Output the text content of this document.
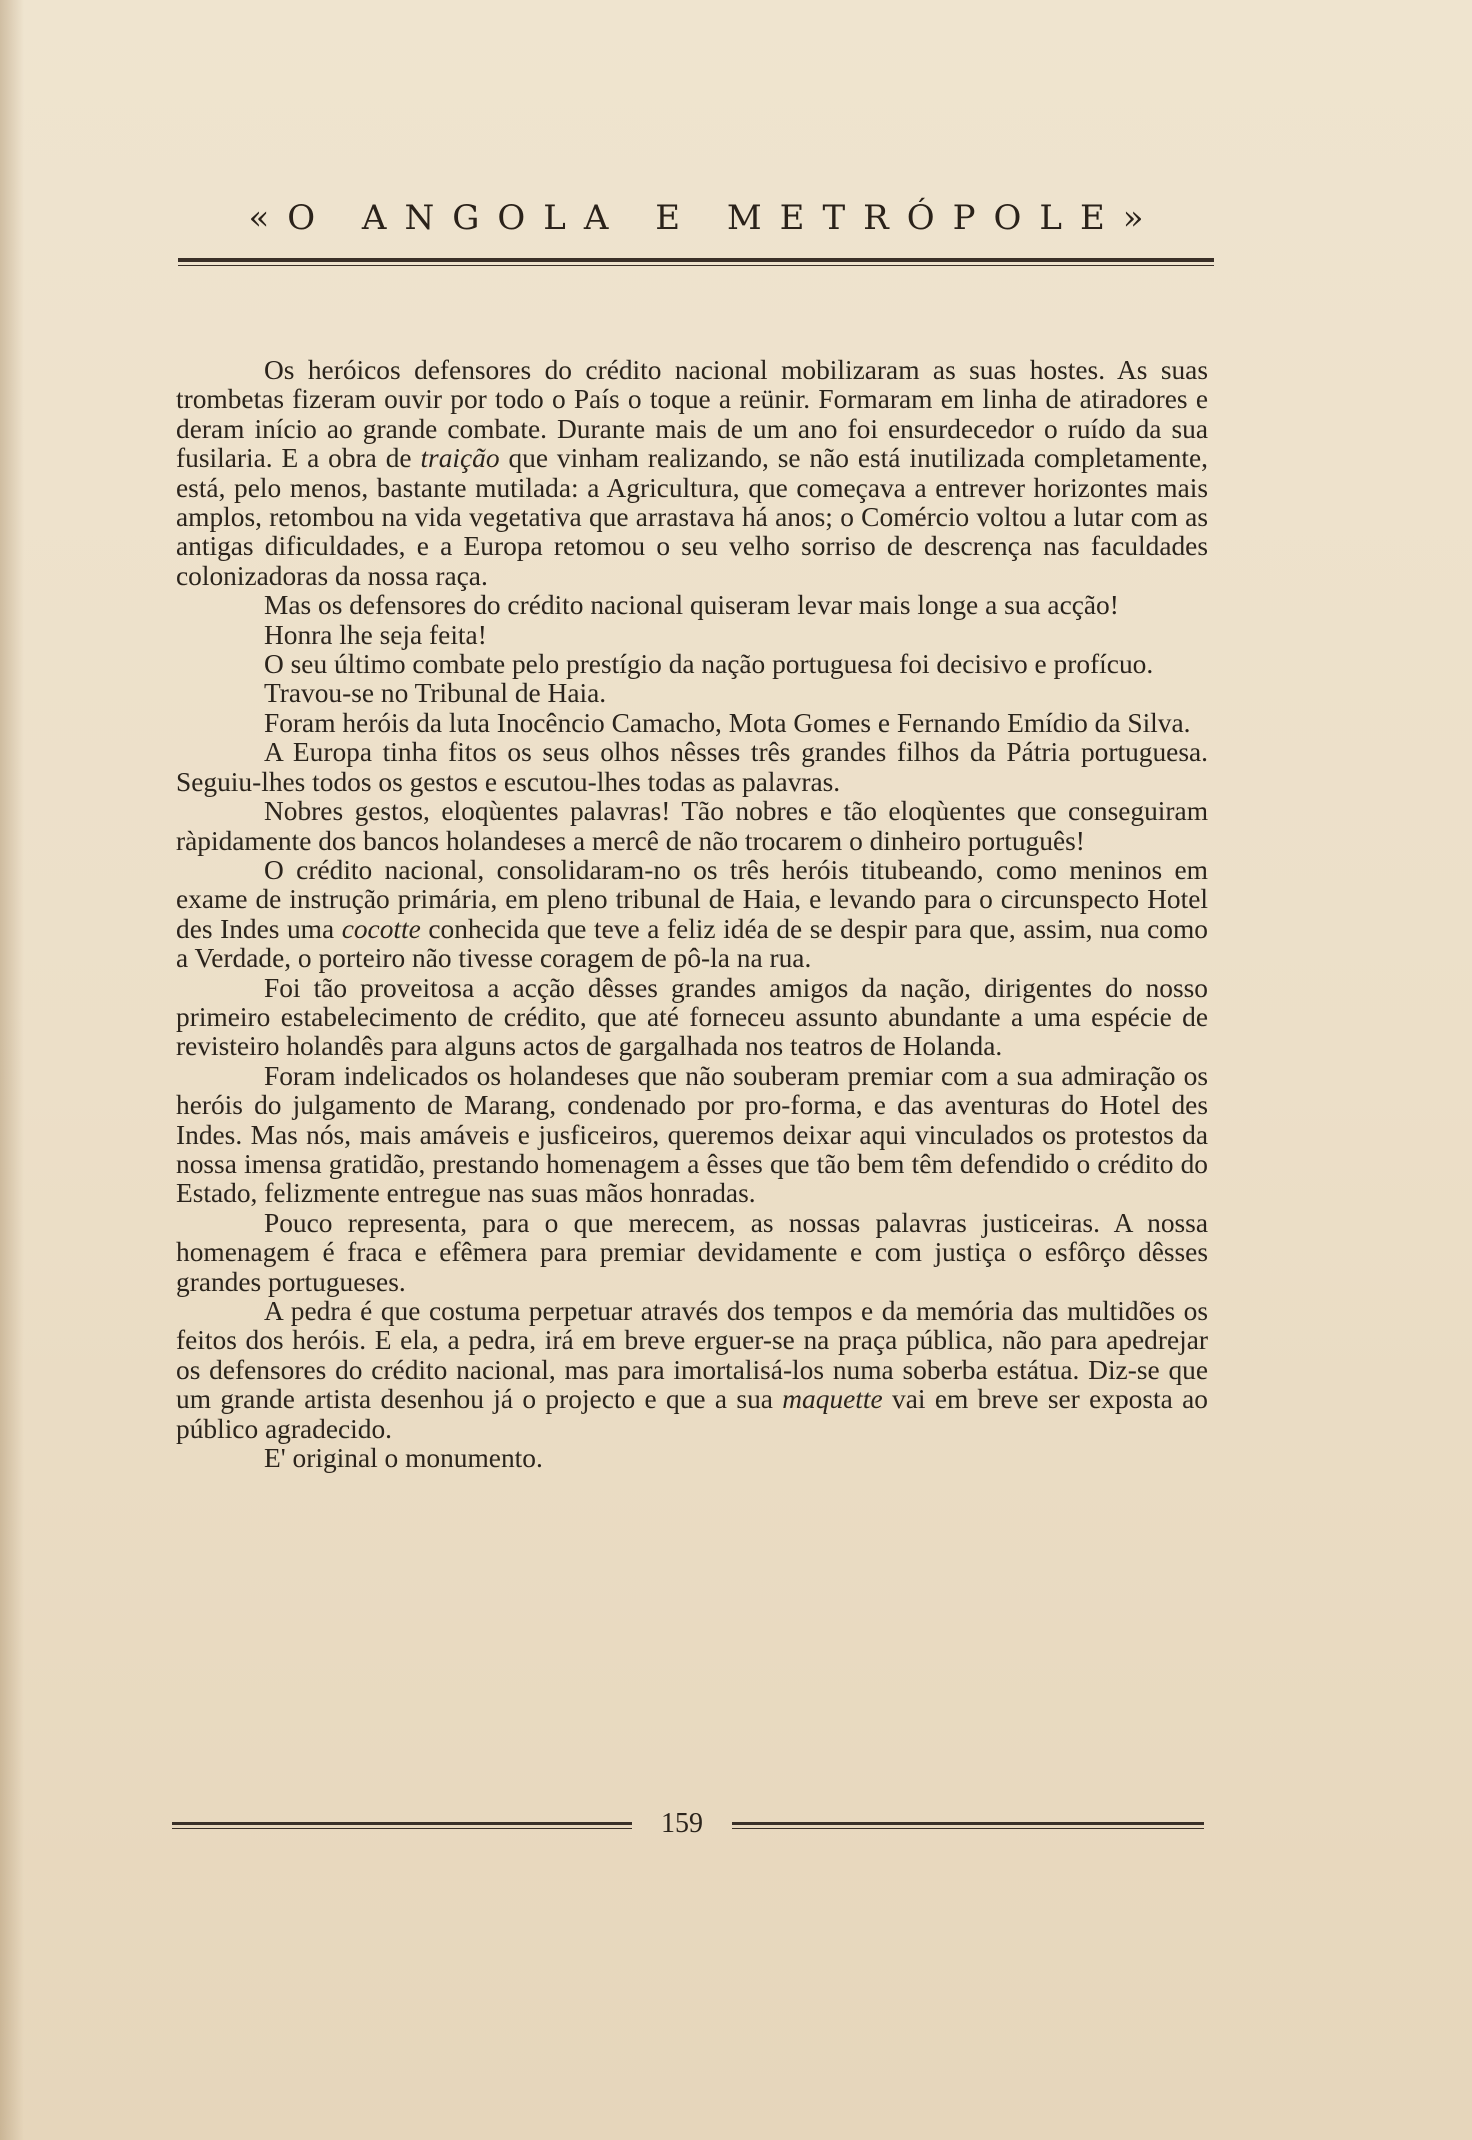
«O ANGOLA E METRÓPOLE»

Os heróicos defensores do crédito nacional mobilizaram as suas hostes. As suas trombetas fizeram ouvir por todo o País o toque a reünir. Formaram em linha de atiradores e deram início ao grande combate. Durante mais de um ano foi ensurdecedor o ruído da sua fusilaria. E a obra de traição que vinham realizando, se não está inutilizada completamente, está, pelo menos, bastante mutilada: a Agricultura, que começava a entrever horizontes mais amplos, retombou na vida vegetativa que arrastava há anos; o Comércio voltou a lutar com as antigas dificuldades, e a Europa retomou o seu velho sorriso de descrença nas faculdades colonizadoras da nossa raça.

Mas os defensores do crédito nacional quiseram levar mais longe a sua acção!

Honra lhe seja feita!

O seu último combate pelo prestígio da nação portuguesa foi decisivo e profícuo.

Travou-se no Tribunal de Haia.

Foram heróis da luta Inocêncio Camacho, Mota Gomes e Fernando Emídio da Silva.

A Europa tinha fitos os seus olhos nêsses três grandes filhos da Pátria portuguesa. Seguiu-lhes todos os gestos e escutou-lhes todas as palavras.

Nobres gestos, eloqùentes palavras! Tão nobres e tão eloqùentes que conseguiram ràpidamente dos bancos holandeses a mercê de não trocarem o dinheiro português!

O crédito nacional, consolidaram-no os três heróis titubeando, como meninos em exame de instrução primária, em pleno tribunal de Haia, e levando para o circunspecto Hotel des Indes uma cocotte conhecida que teve a feliz idéa de se despir para que, assim, nua como a Verdade, o porteiro não tivesse coragem de pô-la na rua.

Foi tão proveitosa a acção dêsses grandes amigos da nação, dirigentes do nosso primeiro estabelecimento de crédito, que até forneceu assunto abundante a uma espécie de revisteiro holandês para alguns actos de gargalhada nos teatros de Holanda.

Foram indelicados os holandeses que não souberam premiar com a sua admiração os heróis do julgamento de Marang, condenado por pro-forma, e das aventuras do Hotel des Indes. Mas nós, mais amáveis e jusficeiros, queremos deixar aqui vinculados os protestos da nossa imensa gratidão, prestando homenagem a êsses que tão bem têm defendido o crédito do Estado, felizmente entregue nas suas mãos honradas.

Pouco representa, para o que merecem, as nossas palavras justiceiras. A nossa homenagem é fraca e efêmera para premiar devidamente e com justiça o esfôrço dêsses grandes portugueses.

A pedra é que costuma perpetuar através dos tempos e da memória das multidões os feitos dos heróis. E ela, a pedra, irá em breve erguer-se na praça pública, não para apedrejar os defensores do crédito nacional, mas para imortalisá-los numa soberba estátua. Diz-se que um grande artista desenhou já o projecto e que a sua maquette vai em breve ser exposta ao público agradecido.

E' original o monumento.

159
